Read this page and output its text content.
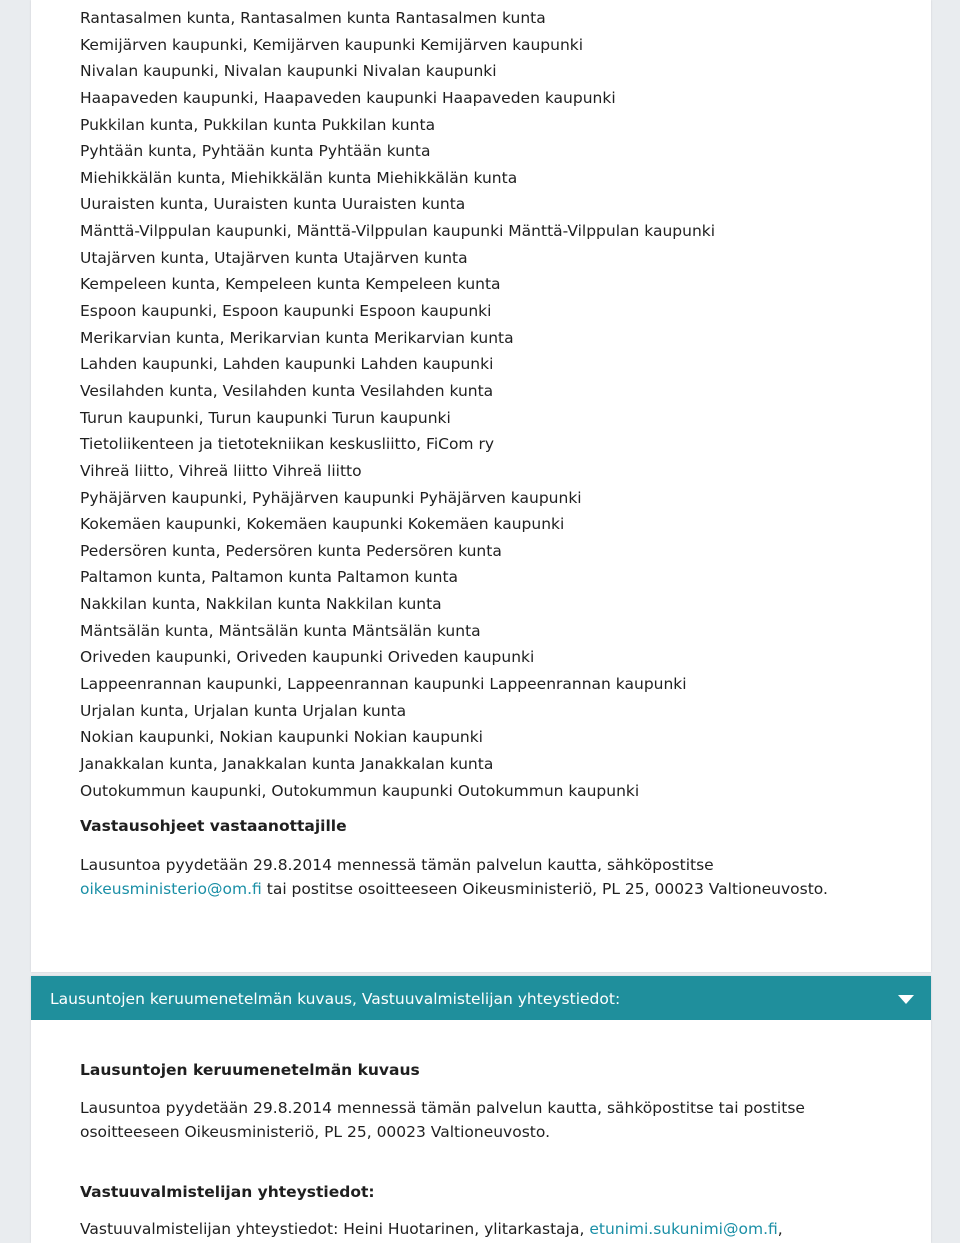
Rantasalmen kunta, Rantasalmen kunta Rantasalmen kunta
Kemijärven kaupunki, Kemijärven kaupunki Kemijärven kaupunki
Nivalan kaupunki, Nivalan kaupunki Nivalan kaupunki
Haapaveden kaupunki, Haapaveden kaupunki Haapaveden kaupunki
Pukkilan kunta, Pukkilan kunta Pukkilan kunta
Pyhtään kunta, Pyhtään kunta Pyhtään kunta
Miehikkälän kunta, Miehikkälän kunta Miehikkälän kunta
Uuraisten kunta, Uuraisten kunta Uuraisten kunta
Mänttä-Vilppulan kaupunki, Mänttä-Vilppulan kaupunki Mänttä-Vilppulan kaupunki
Utajärven kunta, Utajärven kunta Utajärven kunta
Kempeleen kunta, Kempeleen kunta Kempeleen kunta
Espoon kaupunki, Espoon kaupunki Espoon kaupunki
Merikarvian kunta, Merikarvian kunta Merikarvian kunta
Lahden kaupunki, Lahden kaupunki Lahden kaupunki
Vesilahden kunta, Vesilahden kunta Vesilahden kunta
Turun kaupunki, Turun kaupunki Turun kaupunki
Tietoliikenteen ja tietotekniikan keskusliitto, FiCom ry
Vihreä liitto, Vihreä liitto Vihreä liitto
Pyhäjärven kaupunki, Pyhäjärven kaupunki Pyhäjärven kaupunki
Kokemäen kaupunki, Kokemäen kaupunki Kokemäen kaupunki
Pedersören kunta, Pedersören kunta Pedersören kunta
Paltamon kunta, Paltamon kunta Paltamon kunta
Nakkilan kunta, Nakkilan kunta Nakkilan kunta
Mäntsälän kunta, Mäntsälän kunta Mäntsälän kunta
Oriveden kaupunki, Oriveden kaupunki Oriveden kaupunki
Lappeenrannan kaupunki, Lappeenrannan kaupunki Lappeenrannan kaupunki
Urjalan kunta, Urjalan kunta Urjalan kunta
Nokian kaupunki, Nokian kaupunki Nokian kaupunki
Janakkalan kunta, Janakkalan kunta Janakkalan kunta
Outokummun kaupunki, Outokummun kaupunki Outokummun kaupunki
Vastausohjeet vastaanottajille
Lausuntoa pyydetään 29.8.2014 mennessä tämän palvelun kautta, sähköpostitse oikeusministerio@om.fi tai postitse osoitteeseen Oikeusministeriö, PL 25, 00023 Valtioneuvosto.
Lausuntojen keruumenetelmän kuvaus, Vastuuvalmistelijan yhteystiedot:
Lausuntojen keruumenetelmän kuvaus
Lausuntoa pyydetään 29.8.2014 mennessä tämän palvelun kautta, sähköpostitse tai postitse osoitteeseen Oikeusministeriö, PL 25, 00023 Valtioneuvosto.
Vastuuvalmistelijan yhteystiedot:
Vastuuvalmistelijan yhteystiedot: Heini Huotarinen, ylitarkastaja, etunimi.sukunimi@om.fi,
